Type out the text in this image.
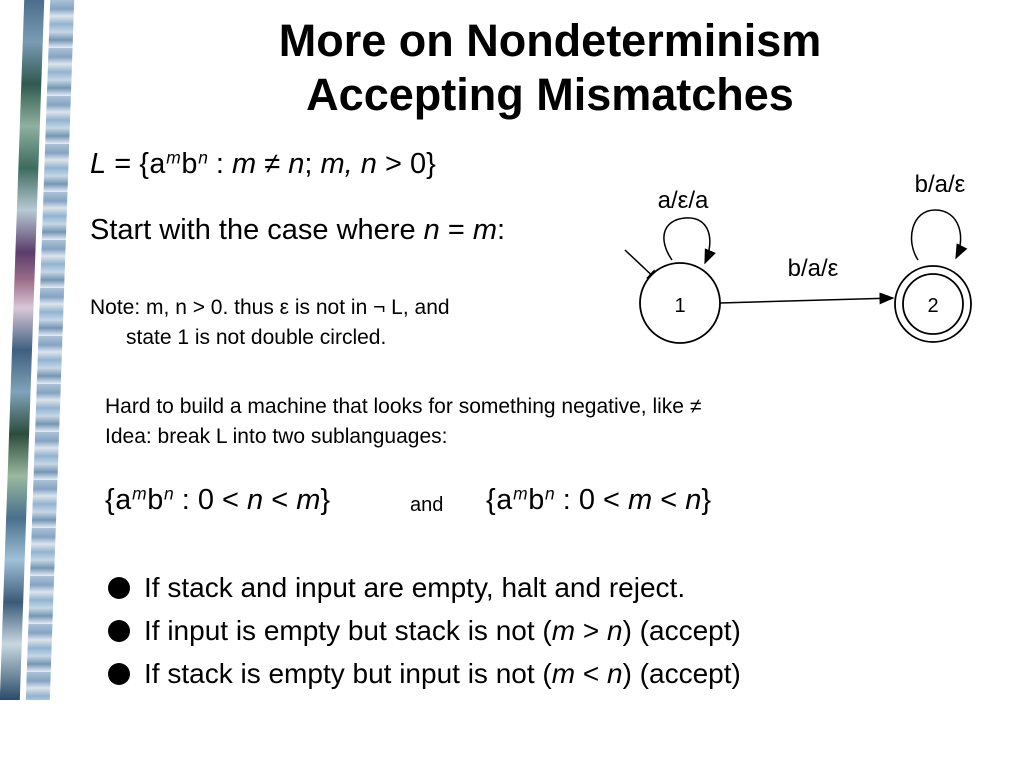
More on Nondeterminism
Accepting Mismatches
$L = \{a^mb^n$ : m ≠ n; m, n > 0}
Start with the case where n = m:
Note: m, n > 0. thus ε is not in ¬ L, and
state 1 is not double circled.
1
a/ε/a
b/a/ε
2
b/a/ε
Hard to build a machine that looks for something negative, like ≠
Idea: break L into two sublanguages:
{$a^mb^n$ : 0 < n < m}	and {$a^mb^n$ : 0 < m < n}
If stack and input are empty, halt and reject.
If input is empty but stack is not (m > n) (accept)
If stack is empty but input is not (m < n) (accept)
